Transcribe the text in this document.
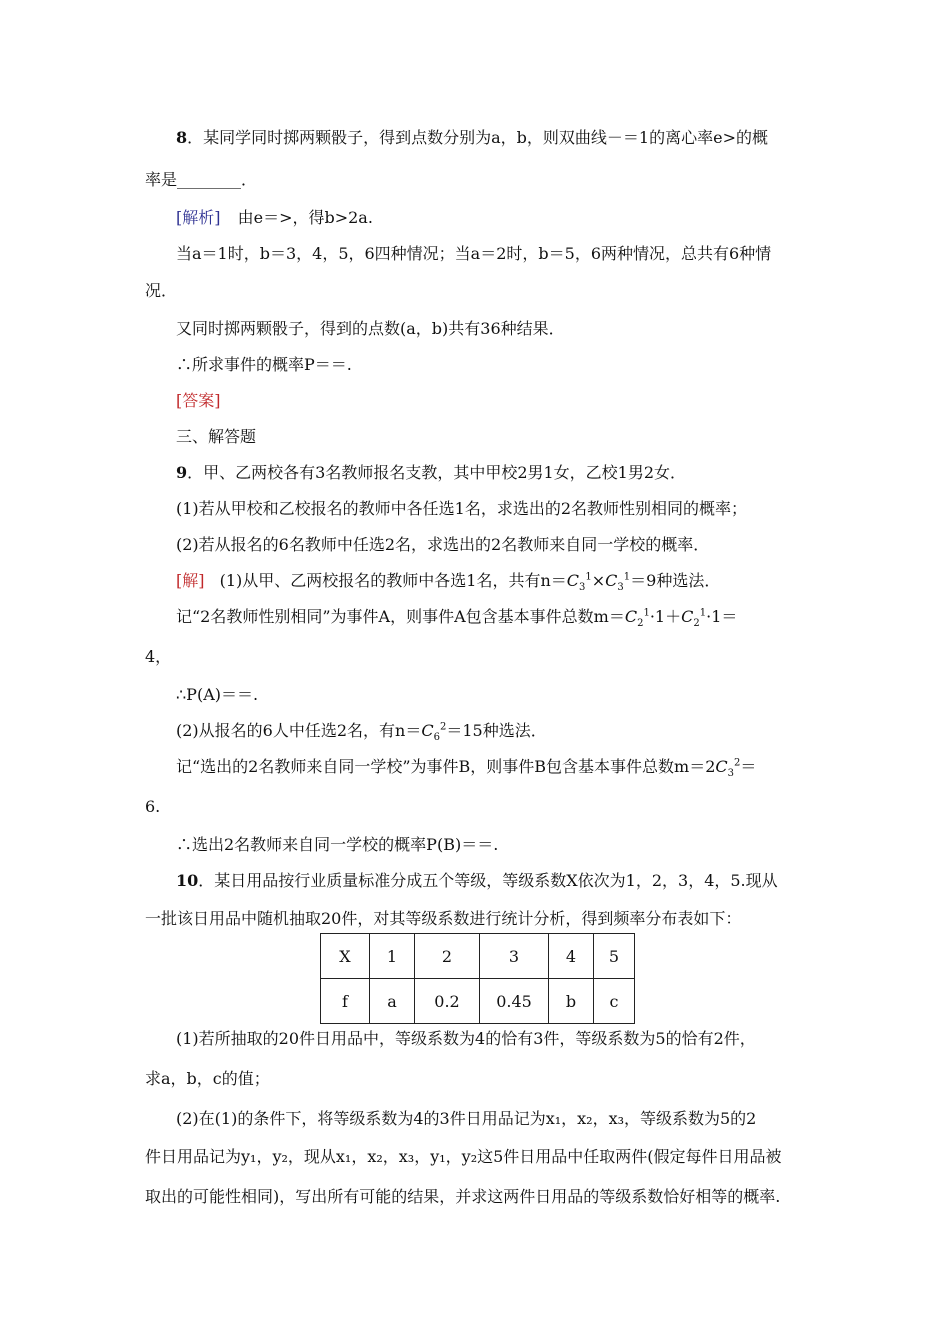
8．某同学同时掷两颗骰子，得到点数分别为a，b，则双曲线－＝1的离心率e>的概
率是________．
[解析] 由e＝>，得b>2a.
当a＝1时，b＝3，4，5，6四种情况；当a＝2时，b＝5，6两种情况，总共有6种情
况．
又同时掷两颗骰子，得到的点数(a，b)共有36种结果．
∴所求事件的概率P＝＝.
[答案]
三、解答题
9．甲、乙两校各有3名教师报名支教，其中甲校2男1女，乙校1男2女．
(1)若从甲校和乙校报名的教师中各任选1名，求选出的2名教师性别相同的概率；
(2)若从报名的6名教师中任选2名，求选出的2名教师来自同一学校的概率．
[解] (1)从甲、乙两校报名的教师中各选1名，共有$n=C_3^1\times C_3^1=9$种选法．
记“2名教师性别相同”为事件A，则事件A包含基本事件总数$m=C_2^1\cdot 1+C_2^1\cdot 1=$
4，
∴P(A)＝＝.
(2)从报名的6人中任选2名，有$n=C_6^2=15$种选法．
记“选出的2名教师来自同一学校”为事件B，则事件B包含基本事件总数$m=2C_3^2=$
6.
∴选出2名教师来自同一学校的概率P(B)＝＝.
10．某日用品按行业质量标准分成五个等级，等级系数X依次为1，2，3，4，5.现从
一批该日用品中随机抽取20件，对其等级系数进行统计分析，得到频率分布表如下：
X	1	2	3	4	5
f	a	0.2	0.45	b	c
(1)若所抽取的20件日用品中，等级系数为4的恰有3件，等级系数为5的恰有2件，
求a，b，c的值；
(2)在(1)的条件下，将等级系数为4的3件日用品记为x₁，x₂，x₃，等级系数为5的2
件日用品记为y₁，y₂，现从x₁，x₂，x₃，y₁，y₂这5件日用品中任取两件(假定每件日用品被
取出的可能性相同)，写出所有可能的结果，并求这两件日用品的等级系数恰好相等的概率.
